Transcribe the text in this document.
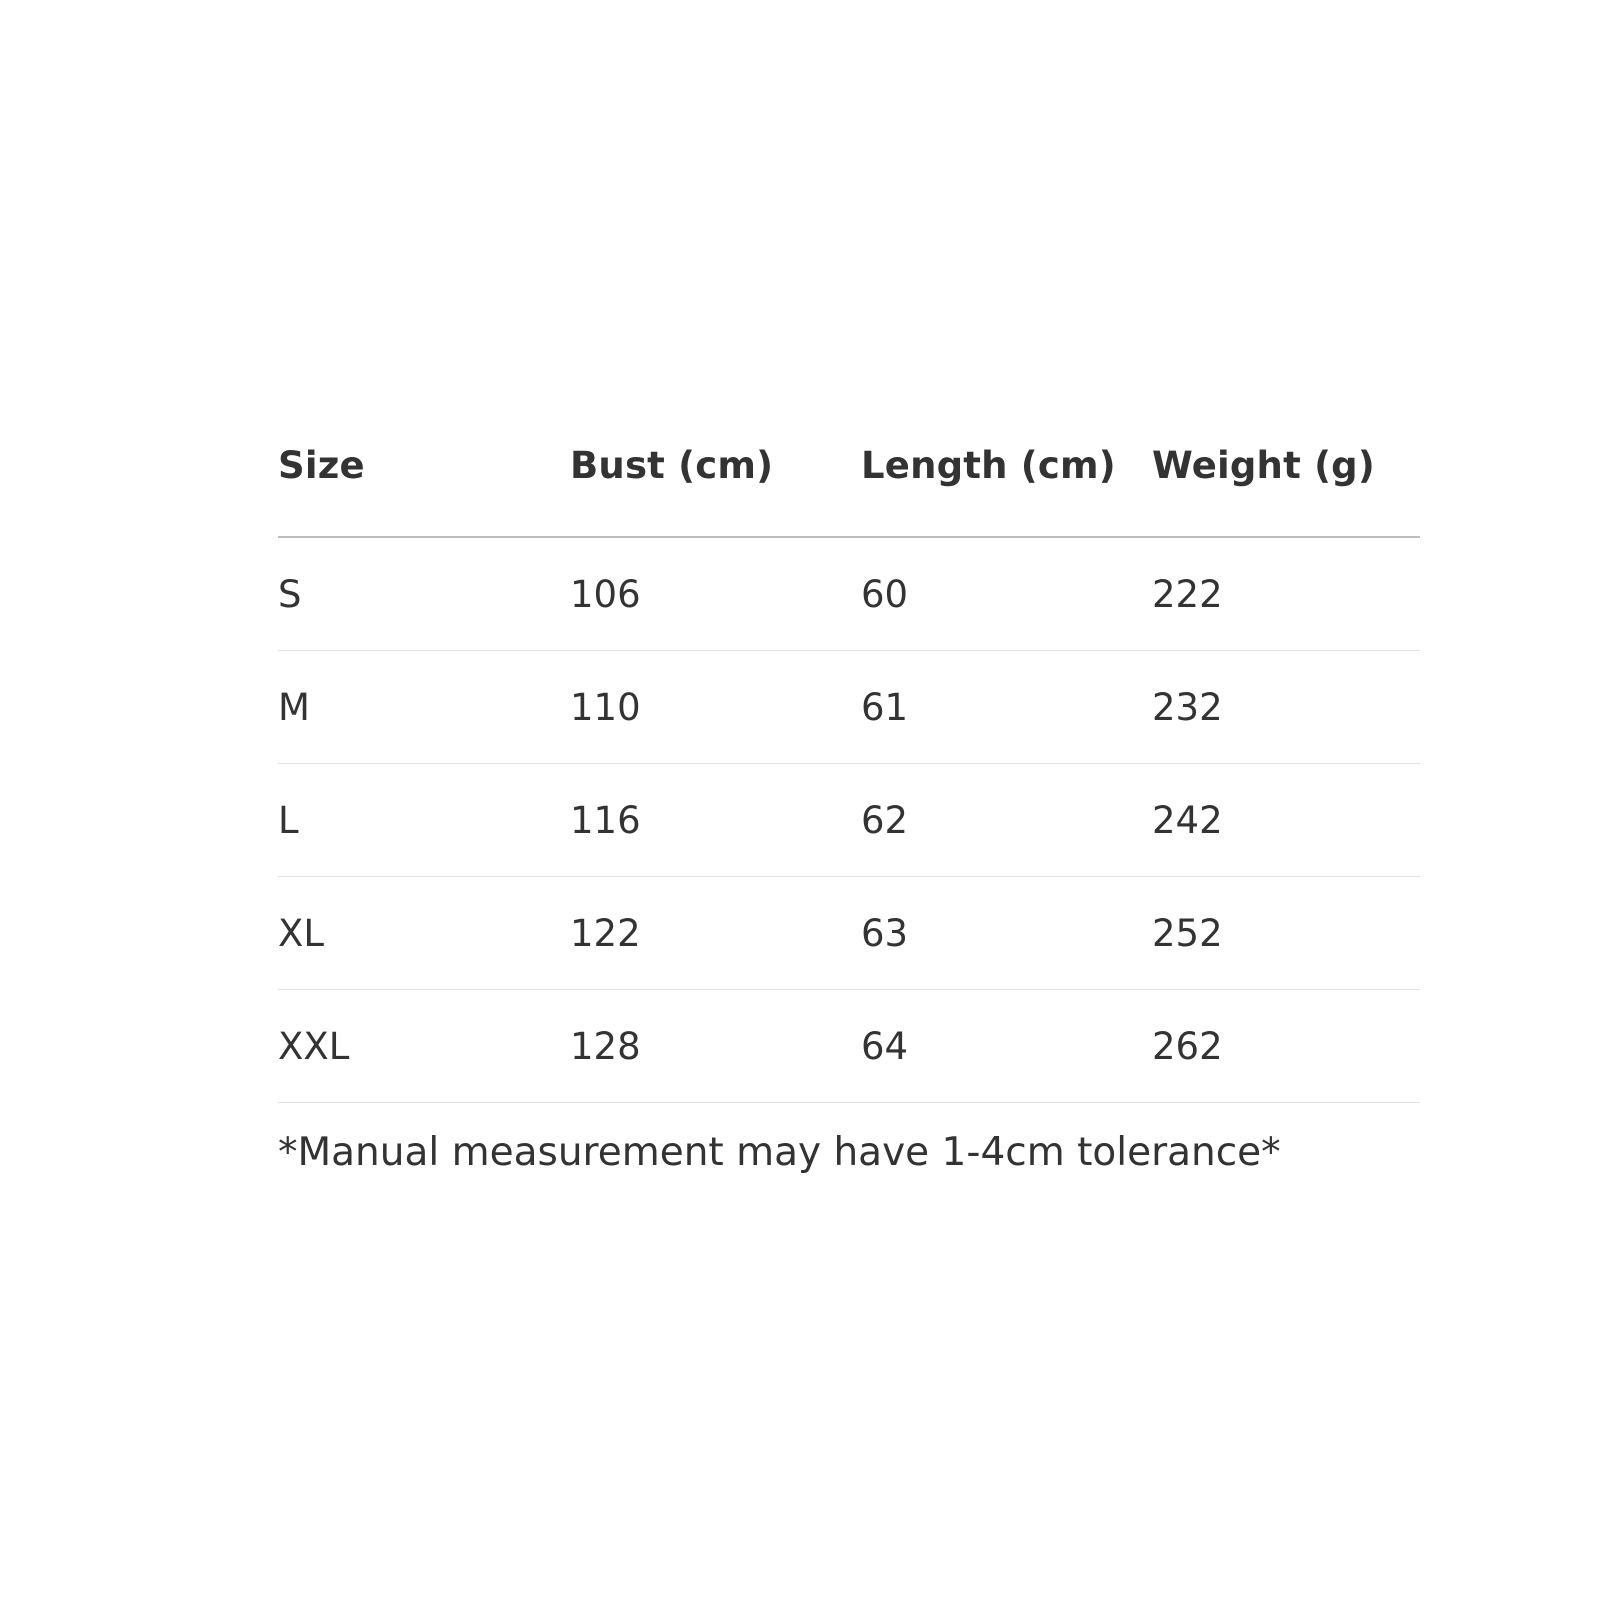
Size	Bust (cm)	Length (cm)	Weight (g)
S	106	60	222
M	110	61	232
L	116	62	242
XL	122	63	252
XXL	128	64	262
*Manual measurement may have 1-4cm tolerance*
